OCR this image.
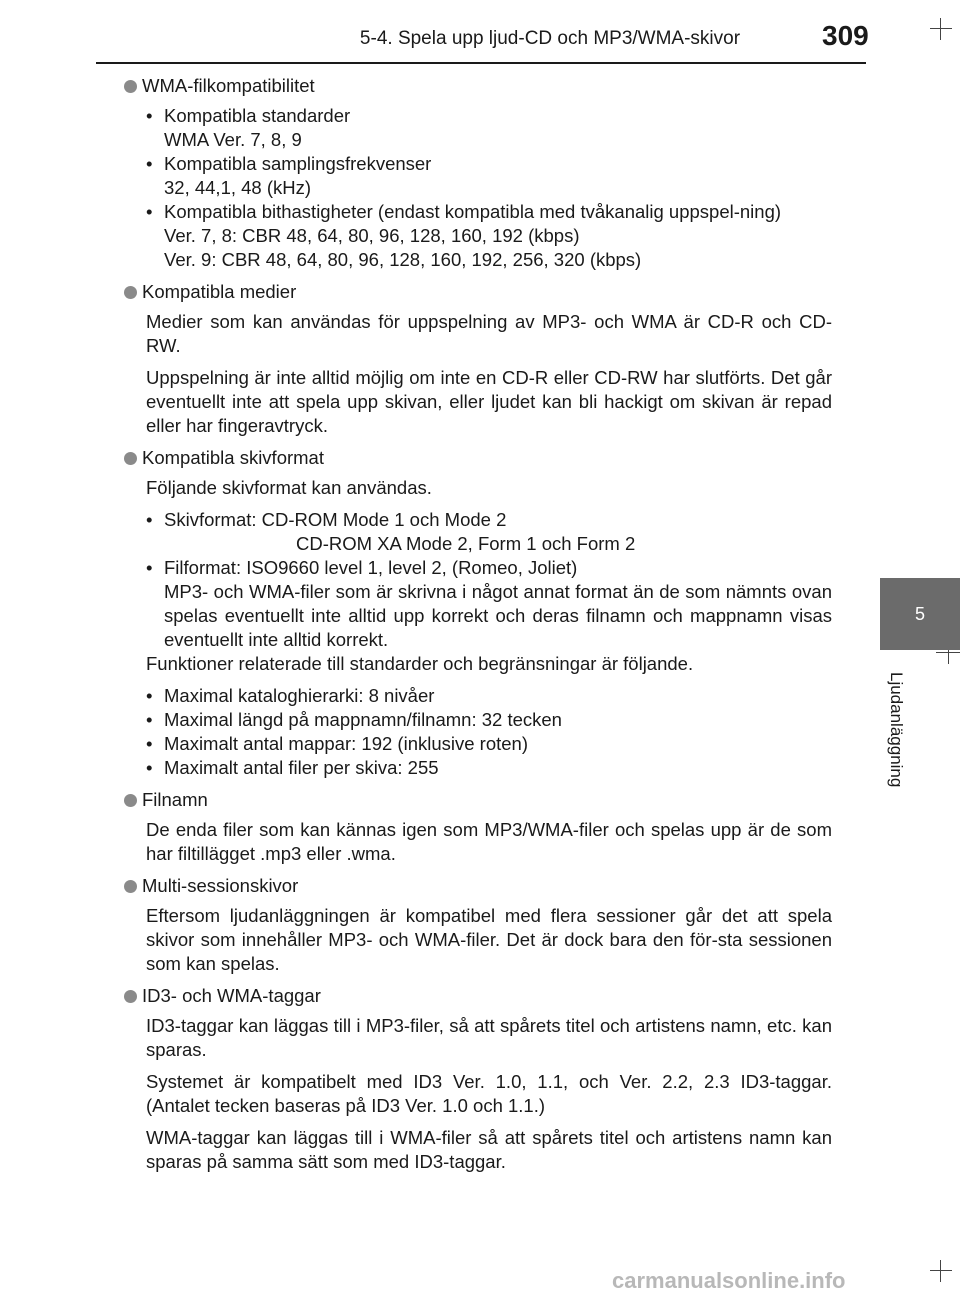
5-4. Spela upp ljud-CD och MP3/WMA-skivor	309
5
Ljudanläggning
WMA-filkompatibilitet
• Kompatibla standarder
WMA Ver. 7, 8, 9
• Kompatibla samplingsfrekvenser
32, 44,1, 48 (kHz)
• Kompatibla bithastigheter (endast kompatibla med tvåkanalig uppspel-ning)
Ver. 7, 8: CBR 48, 64, 80, 96, 128, 160, 192 (kbps)
Ver. 9: CBR 48, 64, 80, 96, 128, 160, 192, 256, 320 (kbps)
Kompatibla medier
Medier som kan användas för uppspelning av MP3- och WMA är CD-R och CD-RW.
Uppspelning är inte alltid möjlig om inte en CD-R eller CD-RW har slutförts. Det går eventuellt inte att spela upp skivan, eller ljudet kan bli hackigt om skivan är repad eller har fingeravtryck.
Kompatibla skivformat
Följande skivformat kan användas.
• Skivformat: CD-ROM Mode 1 och Mode 2
CD-ROM XA Mode 2, Form 1 och Form 2
• Filformat: ISO9660 level 1, level 2, (Romeo, Joliet)
MP3- och WMA-filer som är skrivna i något annat format än de som nämnts ovan spelas eventuellt inte alltid upp korrekt och deras filnamn och mappnamn visas eventuellt inte alltid korrekt.
Funktioner relaterade till standarder och begränsningar är följande.
• Maximal kataloghierarki: 8 nivåer
• Maximal längd på mappnamn/filnamn: 32 tecken
• Maximalt antal mappar: 192 (inklusive roten)
• Maximalt antal filer per skiva: 255
Filnamn
De enda filer som kan kännas igen som MP3/WMA-filer och spelas upp är de som har filtillägget .mp3 eller .wma.
Multi-sessionskivor
Eftersom ljudanläggningen är kompatibel med flera sessioner går det att spela skivor som innehåller MP3- och WMA-filer. Det är dock bara den för-sta sessionen som kan spelas.
ID3- och WMA-taggar
ID3-taggar kan läggas till i MP3-filer, så att spårets titel och artistens namn, etc. kan sparas.
Systemet är kompatibelt med ID3 Ver. 1.0, 1.1, och Ver. 2.2, 2.3 ID3-taggar. (Antalet tecken baseras på ID3 Ver. 1.0 och 1.1.)
WMA-taggar kan läggas till i WMA-filer så att spårets titel och artistens namn kan sparas på samma sätt som med ID3-taggar.
carmanualsonline.info
